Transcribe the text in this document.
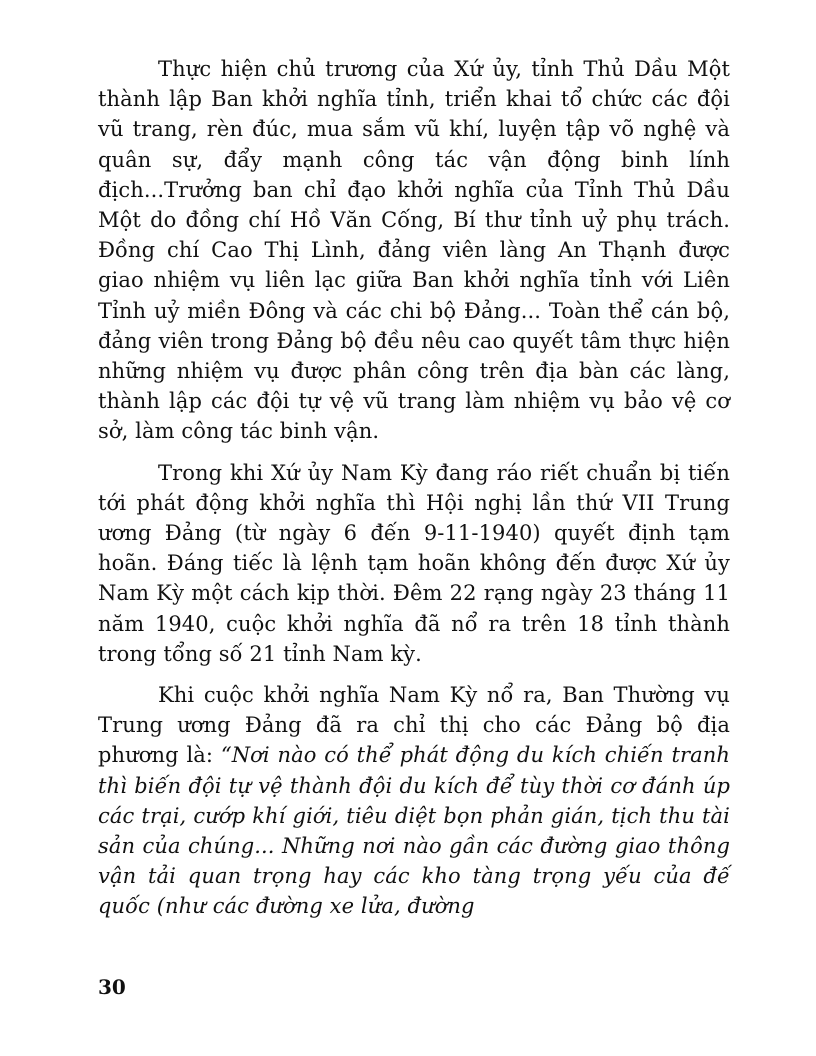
Thực hiện chủ trương của Xứ ủy, tỉnh Thủ Dầu Một thành lập Ban khởi nghĩa tỉnh, triển khai tổ chức các đội vũ trang, rèn đúc, mua sắm vũ khí, luyện tập võ nghệ và quân sự, đẩy mạnh công tác vận động binh lính địch...Trưởng ban chỉ đạo khởi nghĩa của Tỉnh Thủ Dầu Một do đồng chí Hồ Văn Cống, Bí thư tỉnh uỷ phụ trách. Đồng chí Cao Thị Lình, đảng viên làng An Thạnh được giao nhiệm vụ liên lạc giữa Ban khởi nghĩa tỉnh với Liên Tỉnh uỷ miền Đông và các chi bộ Đảng... Toàn thể cán bộ, đảng viên trong Đảng bộ đều nêu cao quyết tâm thực hiện những nhiệm vụ được phân công trên địa bàn các làng, thành lập các đội tự vệ vũ trang làm nhiệm vụ bảo vệ cơ sở, làm công tác binh vận.

Trong khi Xứ ủy Nam Kỳ đang ráo riết chuẩn bị tiến tới phát động khởi nghĩa thì Hội nghị lần thứ VII Trung ương Đảng (từ ngày 6 đến 9-11-1940) quyết định tạm hoãn. Đáng tiếc là lệnh tạm hoãn không đến được Xứ ủy Nam Kỳ một cách kịp thời. Đêm 22 rạng ngày 23 tháng 11 năm 1940, cuộc khởi nghĩa đã nổ ra trên 18 tỉnh thành trong tổng số 21 tỉnh Nam kỳ.

Khi cuộc khởi nghĩa Nam Kỳ nổ ra, Ban Thường vụ Trung ương Đảng đã ra chỉ thị cho các Đảng bộ địa phương là: “Nơi nào có thể phát động du kích chiến tranh thì biến đội tự vệ thành đội du kích để tùy thời cơ đánh úp các trại, cướp khí giới, tiêu diệt bọn phản gián, tịch thu tài sản của chúng... Những nơi nào gần các đường giao thông vận tải quan trọng hay các kho tàng trọng yếu của đế quốc (như các đường xe lửa, đường

30
